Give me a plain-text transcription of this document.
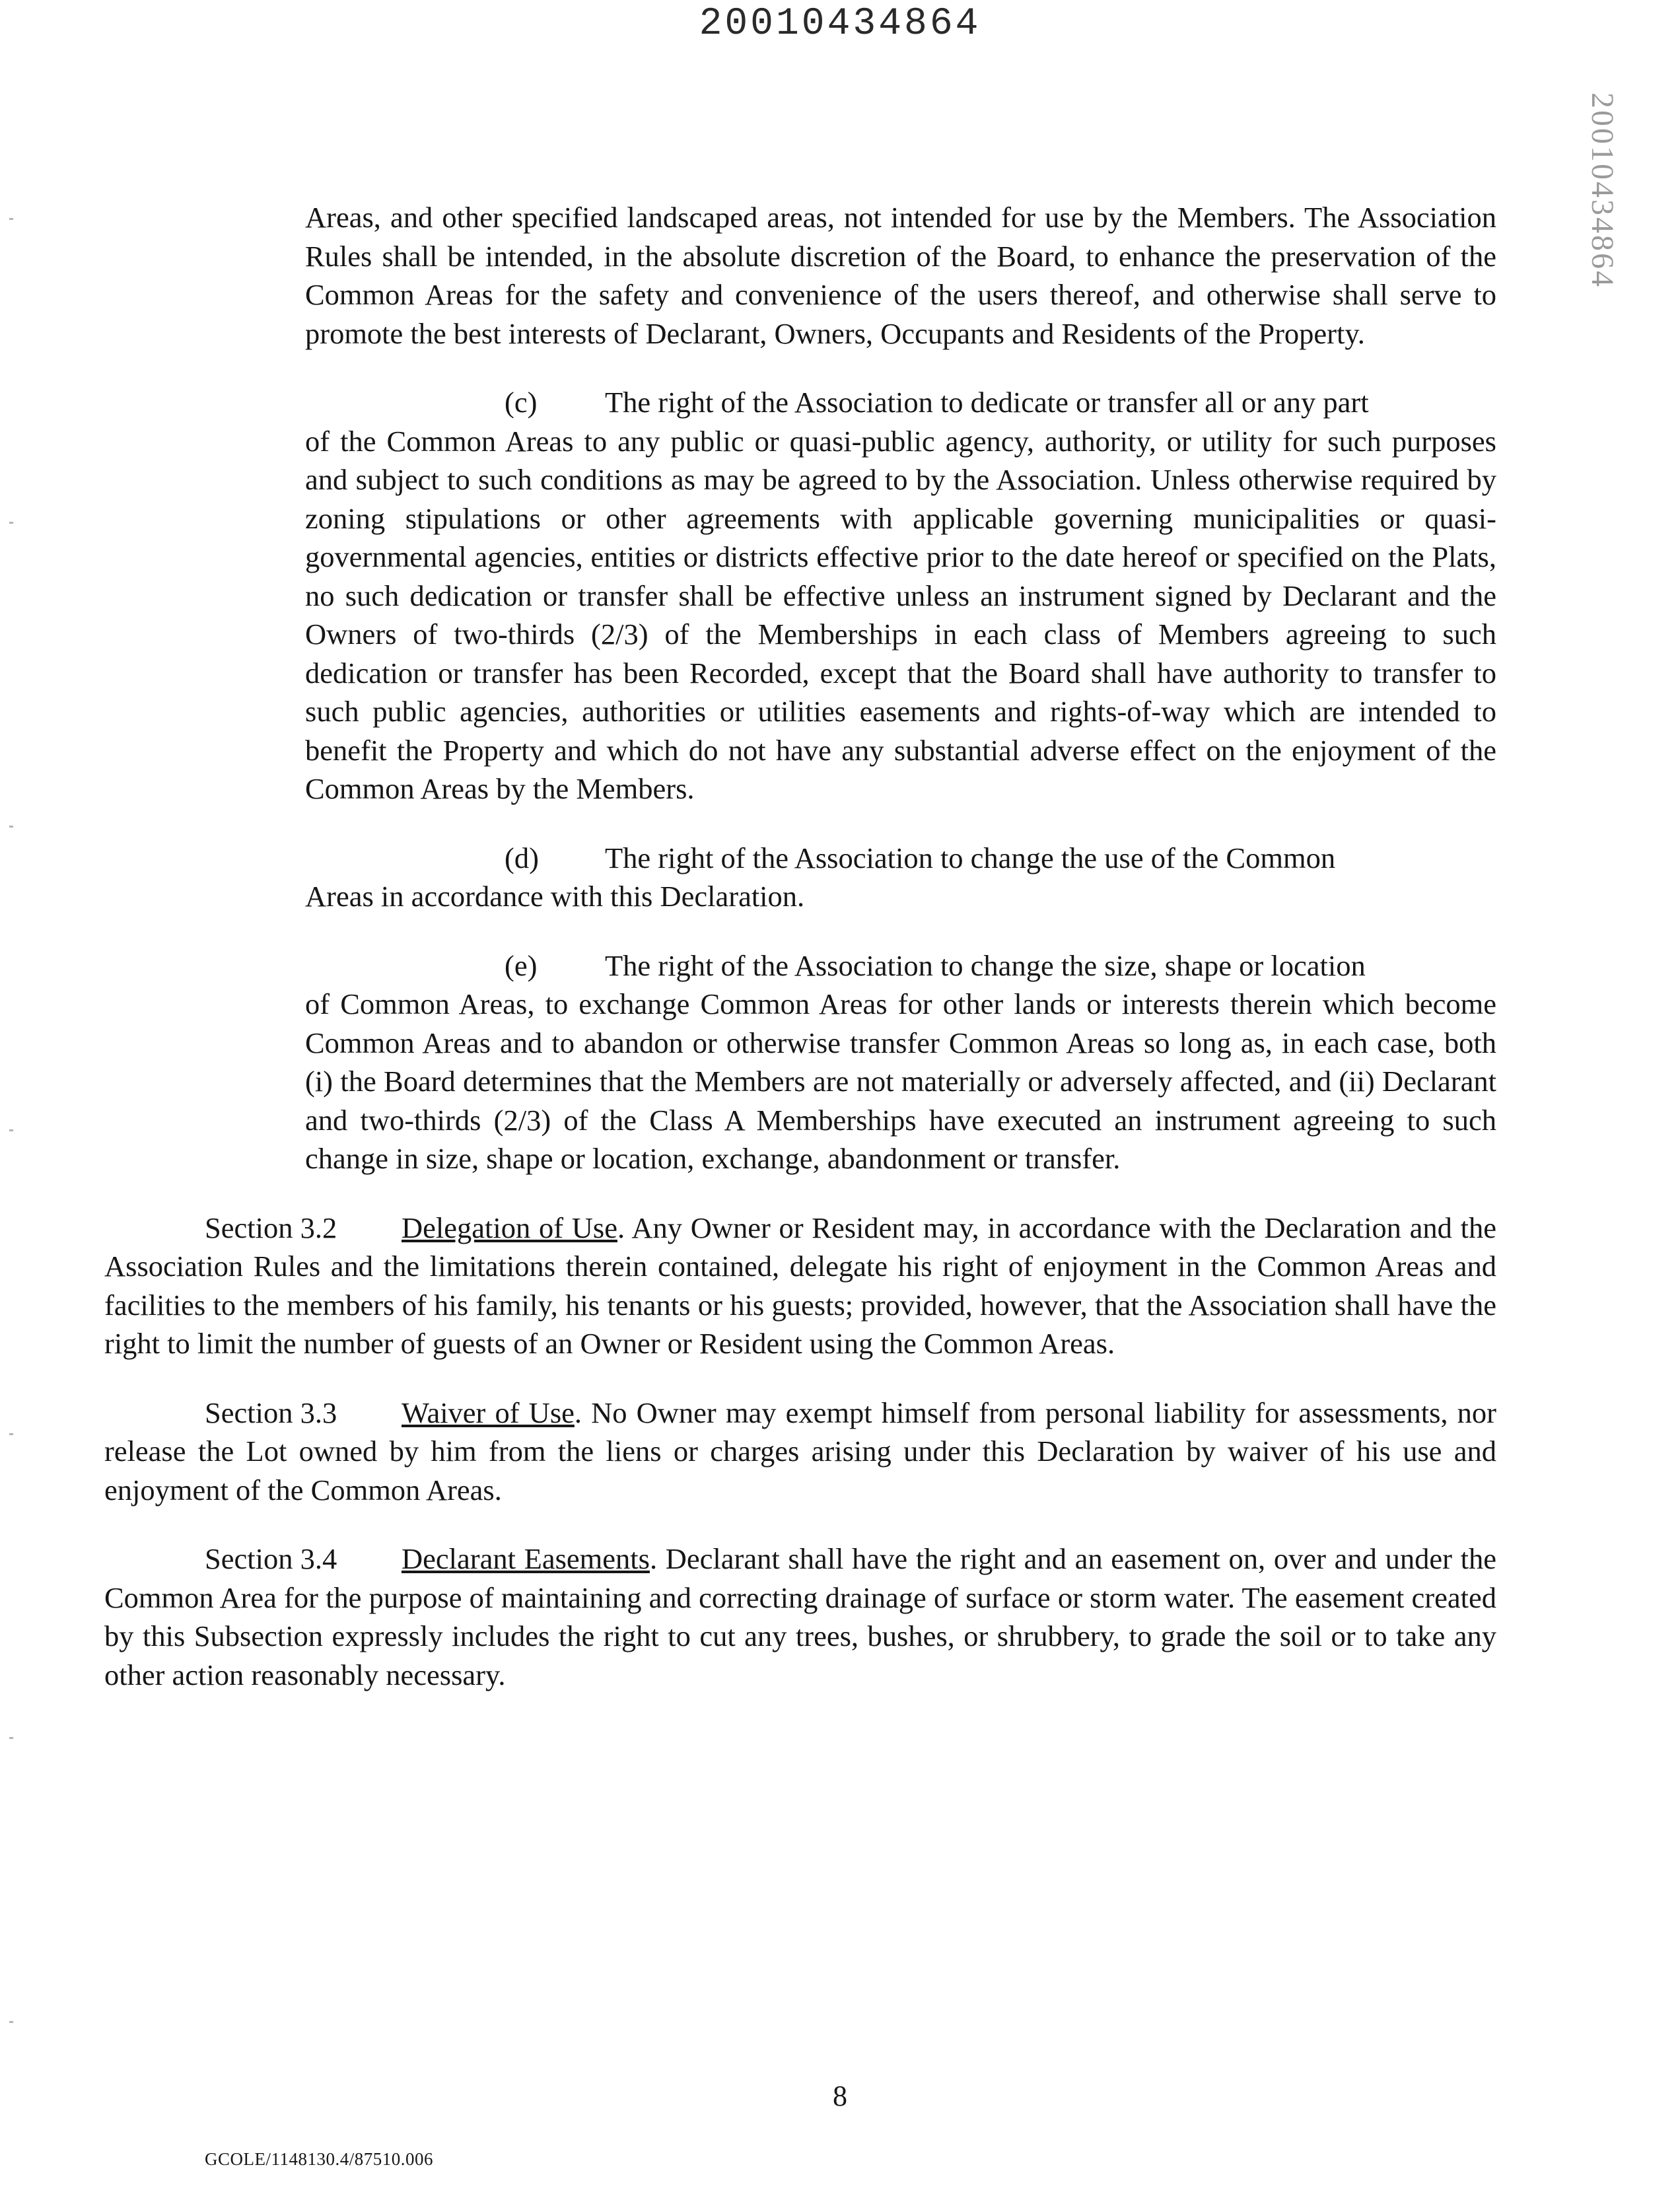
20010434864
20010434864

Areas, and other specified landscaped areas, not intended for use by the Members. The Association Rules shall be intended, in the absolute discretion of the Board, to enhance the preservation of the Common Areas for the safety and convenience of the users thereof, and otherwise shall serve to promote the best interests of Declarant, Owners, Occupants and Residents of the Property.

(c) The right of the Association to dedicate or transfer all or any part
of the Common Areas to any public or quasi-public agency, authority, or utility for such purposes and subject to such conditions as may be agreed to by the Association. Unless otherwise required by zoning stipulations or other agreements with applicable governing municipalities or quasi-governmental agencies, entities or districts effective prior to the date hereof or specified on the Plats, no such dedication or transfer shall be effective unless an instrument signed by Declarant and the Owners of two-thirds (2/3) of the Memberships in each class of Members agreeing to such dedication or transfer has been Recorded, except that the Board shall have authority to transfer to such public agencies, authorities or utilities easements and rights-of-way which are intended to benefit the Property and which do not have any substantial adverse effect on the enjoyment of the Common Areas by the Members.

(d) The right of the Association to change the use of the Common
Areas in accordance with this Declaration.

(e) The right of the Association to change the size, shape or location
of Common Areas, to exchange Common Areas for other lands or interests therein which become Common Areas and to abandon or otherwise transfer Common Areas so long as, in each case, both (i) the Board determines that the Members are not materially or adversely affected, and (ii) Declarant and two-thirds (2/3) of the Class A Memberships have executed an instrument agreeing to such change in size, shape or location, exchange, abandonment or transfer.

Section 3.2 Delegation of Use. Any Owner or Resident may, in accordance with the Declaration and the Association Rules and the limitations therein contained, delegate his right of enjoyment in the Common Areas and facilities to the members of his family, his tenants or his guests; provided, however, that the Association shall have the right to limit the number of guests of an Owner or Resident using the Common Areas.

Section 3.3 Waiver of Use. No Owner may exempt himself from personal liability for assessments, nor release the Lot owned by him from the liens or charges arising under this Declaration by waiver of his use and enjoyment of the Common Areas.

Section 3.4 Declarant Easements. Declarant shall have the right and an easement on, over and under the Common Area for the purpose of maintaining and correcting drainage of surface or storm water. The easement created by this Subsection expressly includes the right to cut any trees, bushes, or shrubbery, to grade the soil or to take any other action reasonably necessary.

8
GCOLE/1148130.4/87510.006
